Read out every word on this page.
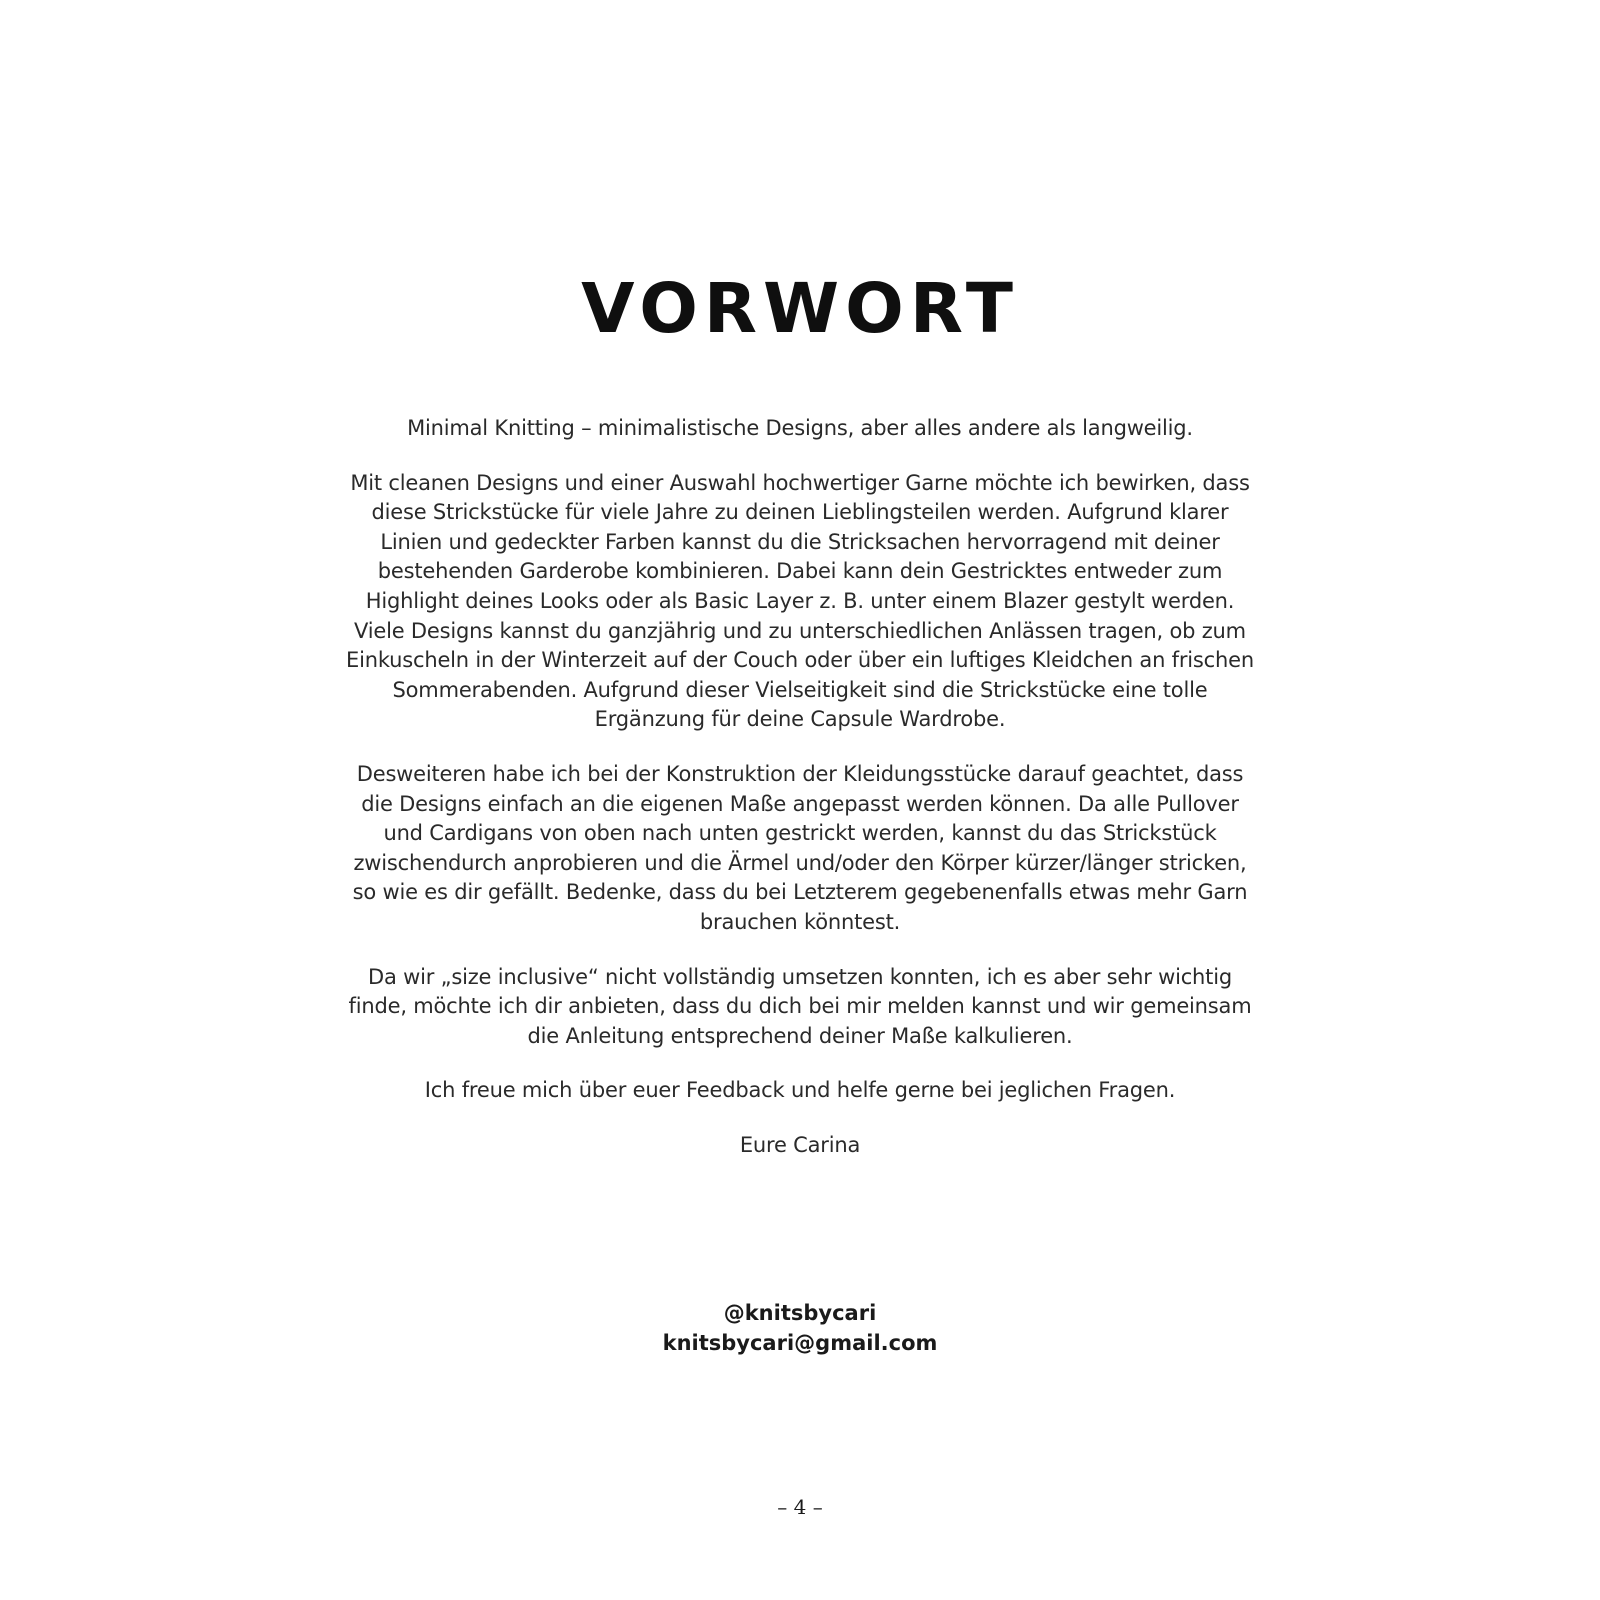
VORWORT

Minimal Knitting – minimalistische Designs, aber alles andere als langweilig.

Mit cleanen Designs und einer Auswahl hochwertiger Garne möchte ich bewirken, dass diese Strickstücke für viele Jahre zu deinen Lieblingsteilen werden. Aufgrund klarer Linien und gedeckter Farben kannst du die Stricksachen hervorragend mit deiner bestehenden Garderobe kombinieren. Dabei kann dein Gestricktes entweder zum Highlight deines Looks oder als Basic Layer z. B. unter einem Blazer gestylt werden. Viele Designs kannst du ganzjährig und zu unterschiedlichen Anlässen tragen, ob zum Einkuscheln in der Winterzeit auf der Couch oder über ein luftiges Kleidchen an frischen Sommerabenden. Aufgrund dieser Vielseitigkeit sind die Strickstücke eine tolle Ergänzung für deine Capsule Wardrobe.

Desweiteren habe ich bei der Konstruktion der Kleidungsstücke darauf geachtet, dass die Designs einfach an die eigenen Maße angepasst werden können. Da alle Pullover und Cardigans von oben nach unten gestrickt werden, kannst du das Strickstück zwischendurch anprobieren und die Ärmel und/oder den Körper kürzer/länger stricken, so wie es dir gefällt. Bedenke, dass du bei Letzterem gegebenenfalls etwas mehr Garn brauchen könntest.

Da wir „size inclusive“ nicht vollständig umsetzen konnten, ich es aber sehr wichtig finde, möchte ich dir anbieten, dass du dich bei mir melden kannst und wir gemeinsam die Anleitung entsprechend deiner Maße kalkulieren.

Ich freue mich über euer Feedback und helfe gerne bei jeglichen Fragen.

Eure Carina

@knitsbycari
knitsbycari@gmail.com
– 4 –
